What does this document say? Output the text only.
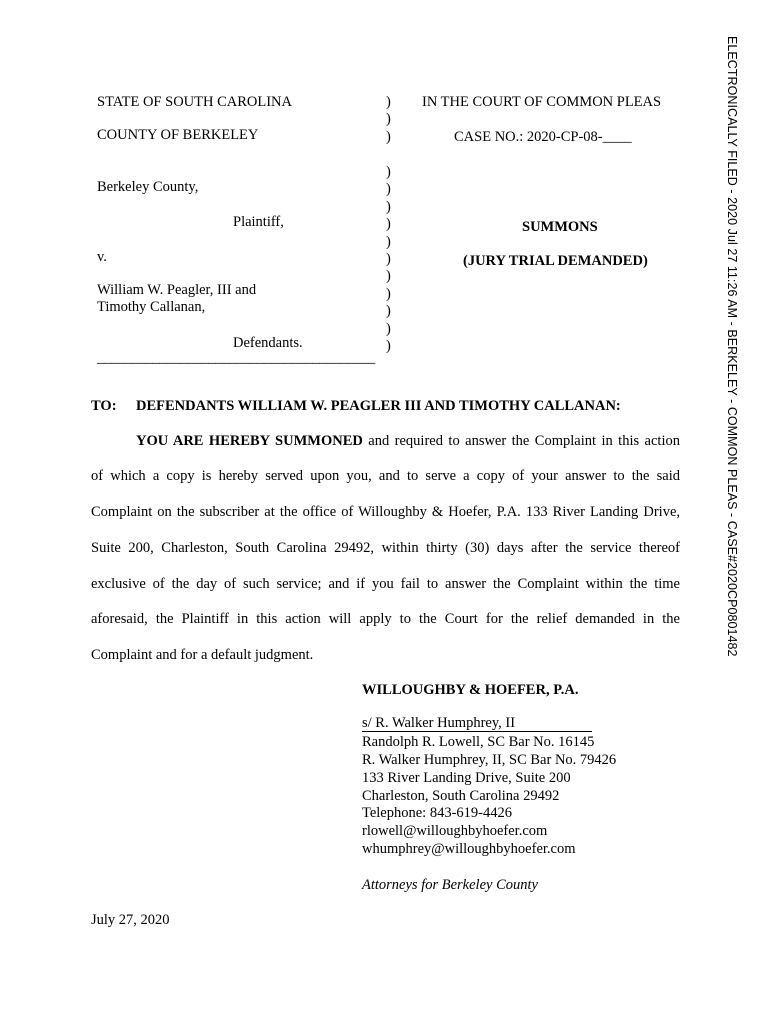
STATE OF SOUTH CAROLINA
COUNTY OF BERKELEY
IN THE COURT OF COMMON PLEAS
CASE NO.: 2020-CP-08-____
Berkeley County,
Plaintiff,
v.
William W. Peagler, III and
Timothy Callanan,
Defendants.
________________________________________
)
)
)
)
)
)
)
)
)
)
)
)
)
)
SUMMONS
(JURY TRIAL DEMANDED)
TO: DEFENDANTS WILLIAM W. PEAGLER III AND TIMOTHY CALLANAN:
YOU ARE HEREBY SUMMONED and required to answer the Complaint in this action
of which a copy is hereby served upon you, and to serve a copy of your answer to the said
Complaint on the subscriber at the office of Willoughby & Hoefer, P.A. 133 River Landing Drive,
Suite 200, Charleston, South Carolina 29492, within thirty (30) days after the service thereof
exclusive of the day of such service; and if you fail to answer the Complaint within the time
aforesaid, the Plaintiff in this action will apply to the Court for the relief demanded in the
Complaint and for a default judgment.
WILLOUGHBY & HOEFER, P.A.
s/ R. Walker Humphrey, II
Randolph R. Lowell, SC Bar No. 16145
R. Walker Humphrey, II, SC Bar No. 79426
133 River Landing Drive, Suite 200
Charleston, South Carolina 29492
Telephone: 843-619-4426
rlowell@willoughbyhoefer.com
whumphrey@willoughbyhoefer.com
Attorneys for Berkeley County
July 27, 2020
ELECTRONICALLY FILED - 2020 Jul 27 11:26 AM - BERKELEY - COMMON PLEAS - CASE#2020CP0801482
